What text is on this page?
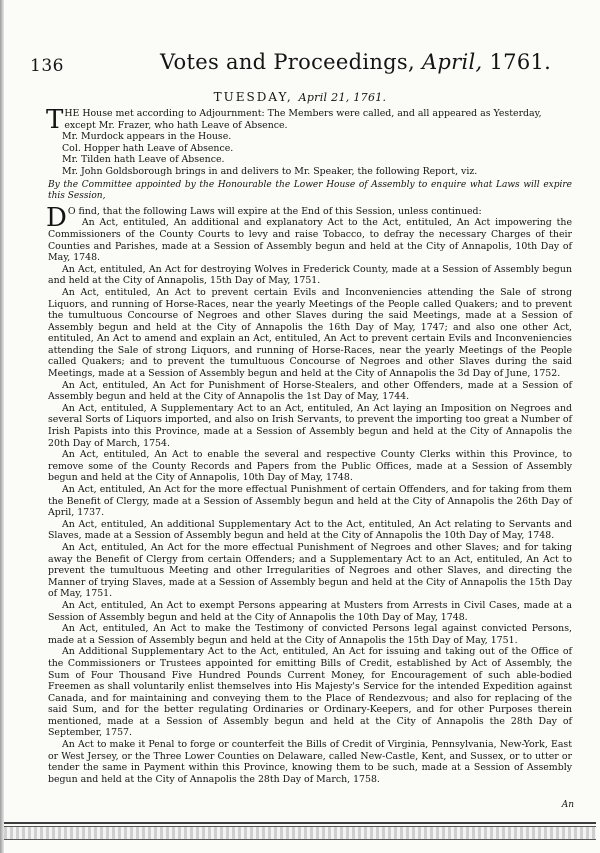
136	Votes and Proceedings, April, 1761.
TUESDAY, April 21, 1761.

THE House met according to Adjournment: The Members were called, and all appeared as Yesterday,
except Mr. Frazer, who hath Leave of Absence.

Mr. Murdock appears in the House.

Col. Hopper hath Leave of Absence.

Mr. Tilden hath Leave of Absence.

Mr. John Goldsborough brings in and delivers to Mr. Speaker, the following Report, viz.

By the Committee appointed by the Honourable the Lower House of Assembly to enquire what Laws will expire this Session,

D O find, that the following Laws will expire at the End of this Session, unless continued:

An Act, entituled, An additional and explanatory Act to the Act, entituled, An Act impowering the Commissioners of the County Courts to levy and raise Tobacco, to defray the necessary Charges of their Counties and Parishes, made at a Session of Assembly begun and held at the City of Annapolis, 10th Day of May, 1748.

An Act, entituled, An Act for destroying Wolves in Frederick County, made at a Session of Assembly begun and held at the City of Annapolis, 15th Day of May, 1751.

An Act, entituled, An Act to prevent certain Evils and Inconveniencies attending the Sale of strong Liquors, and running of Horse-Races, near the yearly Meetings of the People called Quakers; and to prevent the tumultuous Concourse of Negroes and other Slaves during the said Meetings, made at a Session of Assembly begun and held at the City of Annapolis the 16th Day of May, 1747; and also one other Act, entituled, An Act to amend and explain an Act, entituled, An Act to prevent certain Evils and Inconveniencies attending the Sale of strong Liquors, and running of Horse-Races, near the yearly Meetings of the People called Quakers; and to prevent the tumultuous Concourse of Negroes and other Slaves during the said Meetings, made at a Session of Assembly begun and held at the City of Annapolis the 3d Day of June, 1752.

An Act, entituled, An Act for Punishment of Horse-Stealers, and other Offenders, made at a Session of Assembly begun and held at the City of Annapolis the 1st Day of May, 1744.

An Act, entituled, A Supplementary Act to an Act, entituled, An Act laying an Imposition on Negroes and several Sorts of Liquors imported, and also on Irish Servants, to prevent the importing too great a Number of Irish Papists into this Province, made at a Session of Assembly begun and held at the City of Annapolis the 20th Day of March, 1754.

An Act, entituled, An Act to enable the several and respective County Clerks within this Province, to remove some of the County Records and Papers from the Public Offices, made at a Session of Assembly begun and held at the City of Annapolis, 10th Day of May, 1748.

An Act, entituled, An Act for the more effectual Punishment of certain Offenders, and for taking from them the Benefit of Clergy, made at a Session of Assembly begun and held at the City of Annapolis the 26th Day of April, 1737.

An Act, entituled, An additional Supplementary Act to the Act, entituled, An Act relating to Servants and Slaves, made at a Session of Assembly begun and held at the City of Annapolis the 10th Day of May, 1748.

An Act, entituled, An Act for the more effectual Punishment of Negroes and other Slaves; and for taking away the Benefit of Clergy from certain Offenders; and a Supplementary Act to an Act, entituled, An Act to prevent the tumultuous Meeting and other Irregularities of Negroes and other Slaves, and directing the Manner of trying Slaves, made at a Session of Assembly begun and held at the City of Annapolis the 15th Day of May, 1751.

An Act, entituled, An Act to exempt Persons appearing at Musters from Arrests in Civil Cases, made at a Session of Assembly begun and held at the City of Annapolis the 10th Day of May, 1748.

An Act, entituled, An Act to make the Testimony of convicted Persons legal against convicted Persons, made at a Session of Assembly begun and held at the City of Annapolis the 15th Day of May, 1751.

An Additional Supplementary Act to the Act, entituled, An Act for issuing and taking out of the Office of the Commissioners or Trustees appointed for emitting Bills of Credit, established by Act of Assembly, the Sum of Four Thousand Five Hundred Pounds Current Money, for Encouragement of such able-bodied Freemen as shall voluntarily enlist themselves into His Majesty's Service for the intended Expedition against Canada, and for maintaining and conveying them to the Place of Rendezvous; and also for replacing of the said Sum, and for the better regulating Ordinaries or Ordinary-Keepers, and for other Purposes therein mentioned, made at a Session of Assembly begun and held at the City of Annapolis the 28th Day of September, 1757.

An Act to make it Penal to forge or counterfeit the Bills of Credit of Virginia, Pennsylvania, New-York, East or West Jersey, or the Three Lower Counties on Delaware, called New-Castle, Kent, and Sussex, or to utter or tender the same in Payment within this Province, knowing them to be such, made at a Session of Assembly begun and held at the City of Annapolis the 28th Day of March, 1758.

An
